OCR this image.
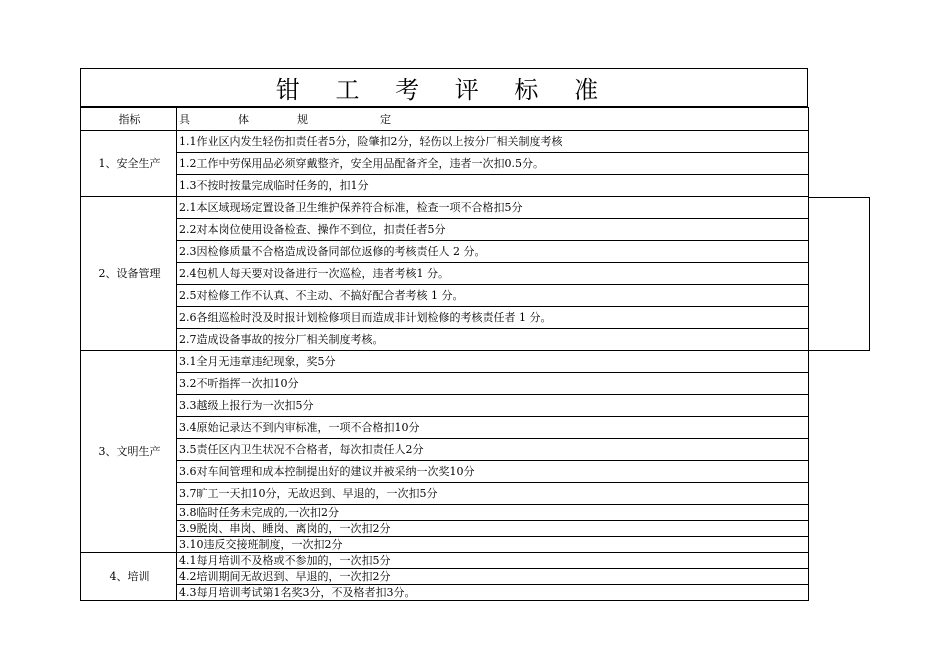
钳 工 考 评 标 准
指标	具 体 规 定
1、安全生产	1.1作业区内发生轻伤扣责任者5分，险肇扣2分，轻伤以上按分厂相关制度考核
	1.2工作中劳保用品必须穿戴整齐，安全用品配备齐全，违者一次扣0.5分。
	1.3不按时按量完成临时任务的，扣1分
2、设备管理	2.1本区域现场定置设备卫生维护保养符合标准，检查一项不合格扣5分
	2.2对本岗位使用设备检查、操作不到位，扣责任者5分
	2.3因检修质量不合格造成设备同部位返修的考核责任人 2 分。
	2.4包机人每天要对设备进行一次巡检，违者考核1 分。
	2.5对检修工作不认真、不主动、不搞好配合者考核 1 分。
	2.6各组巡检时没及时报计划检修项目而造成非计划检修的考核责任者 1 分。
	2.7造成设备事故的按分厂相关制度考核。
3、文明生产	3.1全月无违章违纪现象，奖5分
	3.2不听指挥一次扣10分
	3.3越级上报行为一次扣5分
	3.4原始记录达不到内审标准，一项不合格扣10分
	3.5责任区内卫生状况不合格者，每次扣责任人2分
	3.6对车间管理和成本控制提出好的建议并被采纳一次奖10分
	3.7旷工一天扣10分，无故迟到、早退的，一次扣5分
	3.8临时任务未完成的,一次扣2分
	3.9脱岗、串岗、睡岗、离岗的，一次扣2分
	3.10违反交接班制度，一次扣2分
4、培训	4.1每月培训不及格或不参加的，一次扣5分
	4.2培训期间无故迟到、早退的，一次扣2分
	4.3每月培训考试第1名奖3分，不及格者扣3分。
